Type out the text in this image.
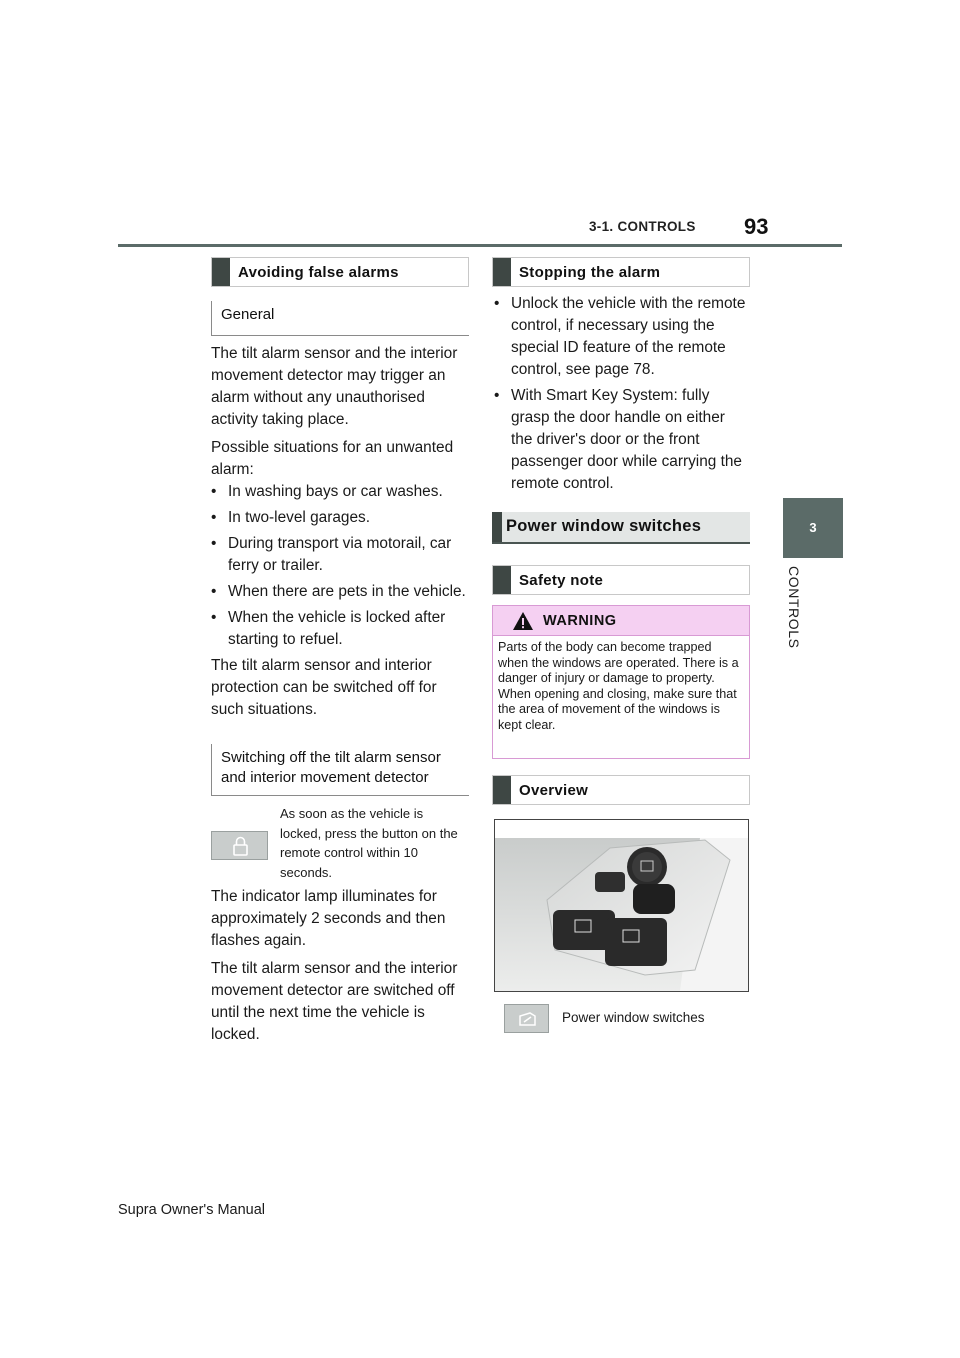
3-1. CONTROLS 93
3
CONTROLS
Avoiding false alarms
General

The tilt alarm sensor and the interior movement detector may trigger an alarm without any unauthorised activity taking place.

Possible situations for an unwanted alarm:

• In washing bays or car washes.
• In two-level garages.
• During transport via motorail, car ferry or trailer.
• When there are pets in the vehicle.
• When the vehicle is locked after starting to refuel.

The tilt alarm sensor and interior protection can be switched off for such situations.

Switching off the tilt alarm sensor and interior movement detector
As soon as the vehicle is locked, press the button on the remote control within 10 seconds.

The indicator lamp illuminates for approximately 2 seconds and then flashes again.

The tilt alarm sensor and the interior movement detector are switched off until the next time the vehicle is locked.

Stopping the alarm
• Unlock the vehicle with the remote control, if necessary using the special ID feature of the remote control, see page 78.
• With Smart Key System: fully grasp the door handle on either the driver's door or the front passenger door while carrying the remote control.
Power window switches
Safety note
WARNING
Parts of the body can become trapped when the windows are operated. There is a danger of injury or damage to property. When opening and closing, make sure that the area of movement of the windows is kept clear.
Overview
Power window switches
Supra Owner's Manual
